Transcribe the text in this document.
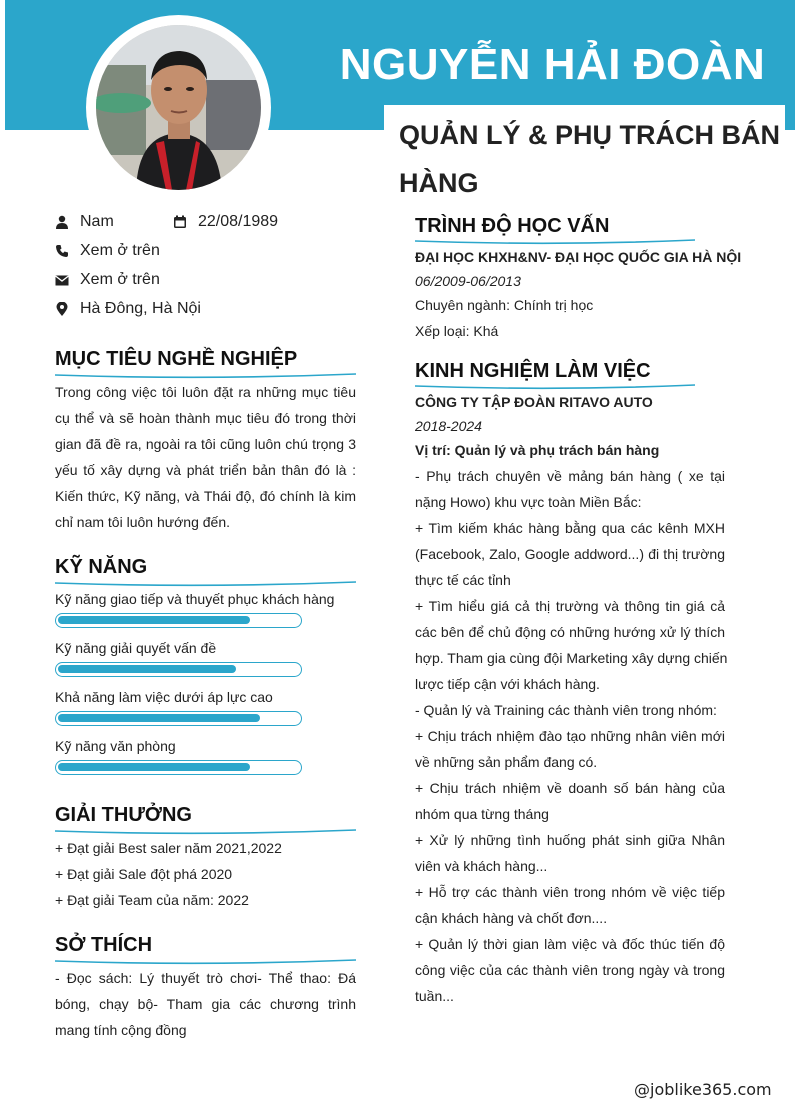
NGUYỄN HẢI ĐOÀN
QUẢN LÝ & PHỤ TRÁCH BÁN
HÀNG
Nam	22/08/1989
Xem ở trên
Xem ở trên
Hà Đông, Hà Nội
MỤC TIÊU NGHỀ NGHIỆP
Trong công việc tôi luôn đặt ra những mục tiêu cụ thể và sẽ hoàn thành mục tiêu đó trong thời gian đã đề ra, ngoài ra tôi cũng luôn chú trọng 3 yếu tố xây dựng và phát triển bản thân đó là : Kiến thức, Kỹ năng, và Thái độ, đó chính là kim chỉ nam tôi luôn hướng đến.
KỸ NĂNG
Kỹ năng giao tiếp và thuyết phục khách hàng
Kỹ năng giải quyết vấn đề
Khả năng làm việc dưới áp lực cao
Kỹ năng văn phòng
GIẢI THƯỞNG
+ Đạt giải Best saler năm 2021,2022
+ Đạt giải Sale đột phá 2020
+ Đạt giải Team của năm: 2022
SỞ THÍCH
- Đọc sách: Lý thuyết trò chơi- Thể thao: Đá bóng, chạy bộ- Tham gia các chương trình mang tính cộng đồng
TRÌNH ĐỘ HỌC VẤN
ĐẠI HỌC KHXH&NV- ĐẠI HỌC QUỐC GIA HÀ NỘI
06/2009-06/2013
Chuyên ngành: Chính trị học
Xếp loại: Khá
KINH NGHIỆM LÀM VIỆC
CÔNG TY TẬP ĐOÀN RITAVO AUTO
2018-2024
Vị trí: Quản lý và phụ trách bán hàng
- Phụ trách chuyên về mảng bán hàng ( xe tại
nặng Howo) khu vực toàn Miền Bắc:
+ Tìm kiếm khác hàng bằng qua các kênh MXH
(Facebook, Zalo, Google addword...) đi thị trường
thực tế các tỉnh
+ Tìm hiểu giá cả thị trường và thông tin giá cả
các bên để chủ động có những hướng xử lý thích
hợp. Tham gia cùng đội Marketing xây dựng chiến
lược tiếp cận với khách hàng.
- Quản lý và Training các thành viên trong nhóm:
+ Chịu trách nhiệm đào tạo những nhân viên mới
về những sản phẩm đang có.
+ Chịu trách nhiệm về doanh số bán hàng của
nhóm qua từng tháng
+ Xử lý những tình huống phát sinh giữa Nhân
viên và khách hàng...
+ Hỗ trợ các thành viên trong nhóm về việc tiếp
cận khách hàng và chốt đơn....
+ Quản lý thời gian làm việc và đốc thúc tiến độ
công việc của các thành viên trong ngày và trong
tuần...
@joblike365.com
